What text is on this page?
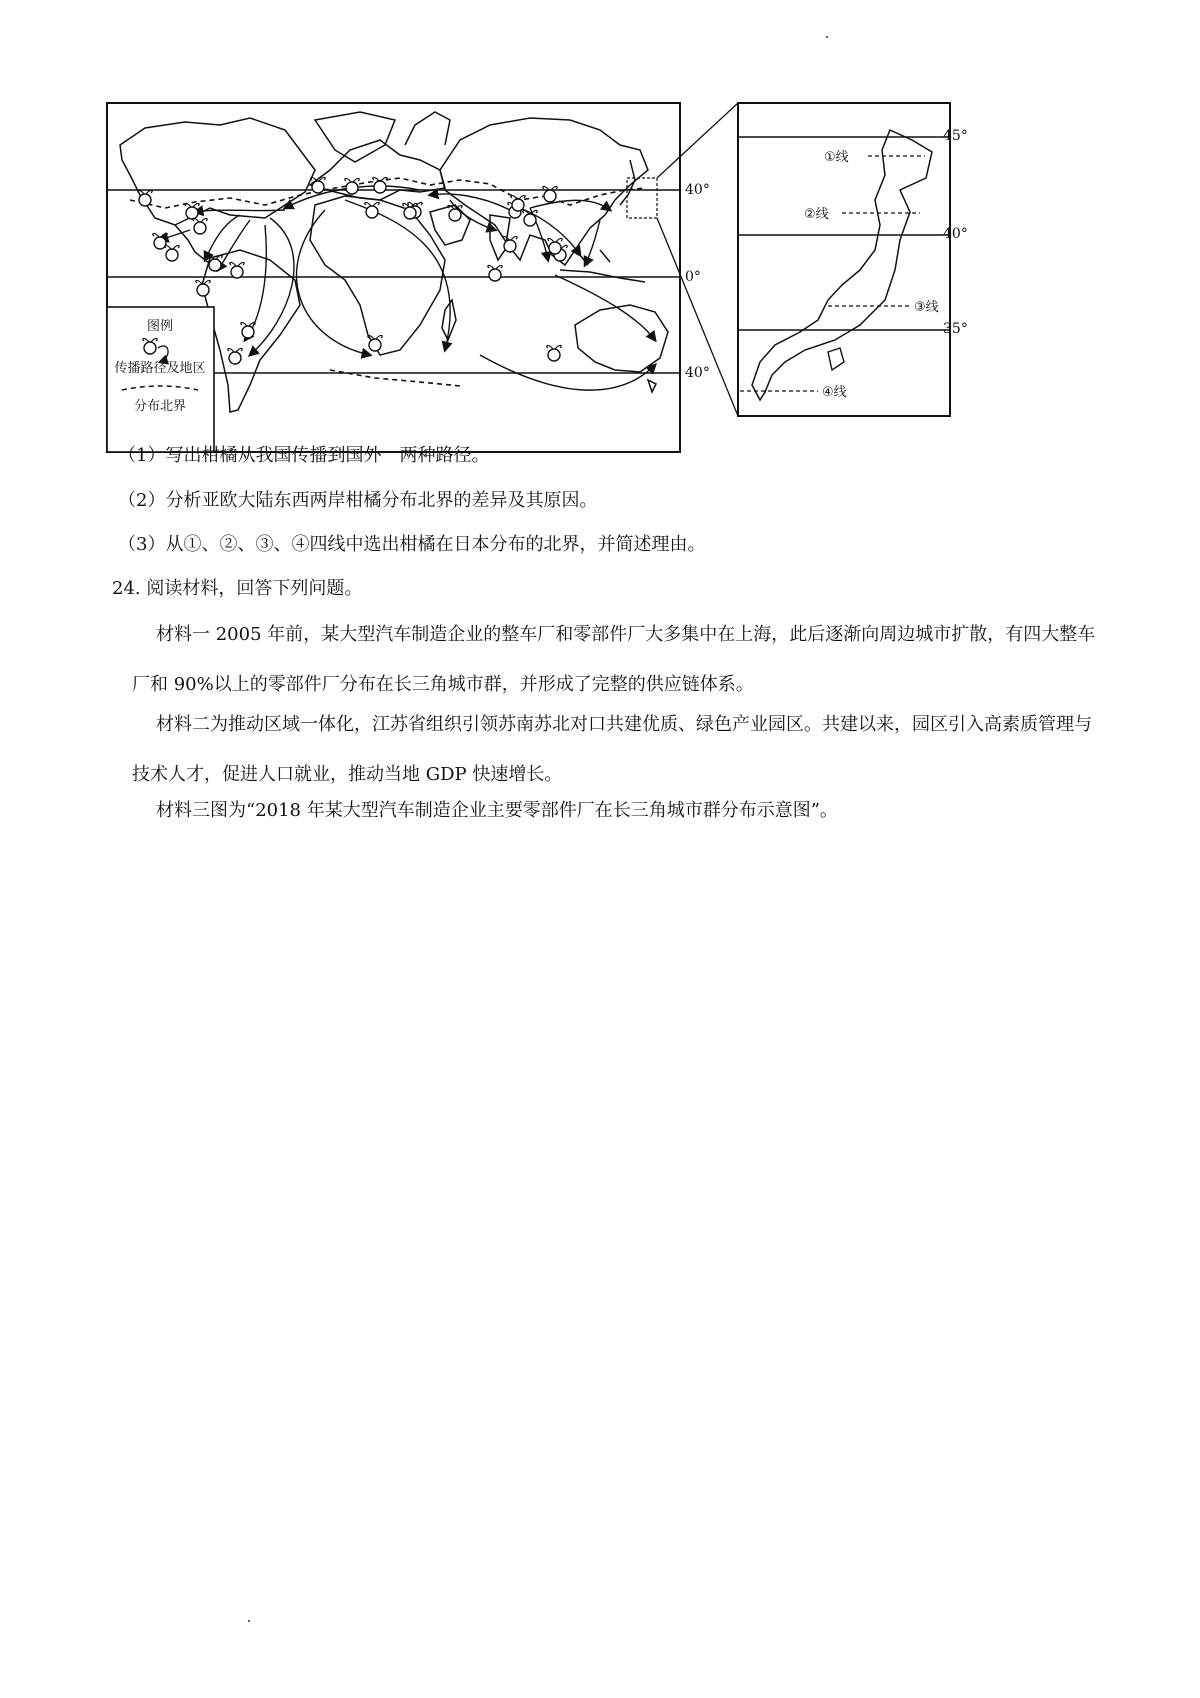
40°
0°
40°
图例
传播路径及地区
分布北界
①线
②线
③线
④线
45°
40°
35°
（1）写出柑橘从我国传播到国外　两种路径。
（2）分析亚欧大陆东西两岸柑橘分布北界的差异及其原因。
（3）从①、②、③、④四线中选出柑橘在日本分布的北界，并简述理由。
24. 阅读材料，回答下列问题。
材料一 2005 年前，某大型汽车制造企业的整车厂和零部件厂大多集中在上海，此后逐渐向周边城市扩散，有四大整车厂和 90%以上的零部件厂分布在长三角城市群，并形成了完整的供应链体系。
材料二为推动区域一体化，江苏省组织引领苏南苏北对口共建优质、绿色产业园区。共建以来，园区引入高素质管理与技术人才，促进人口就业，推动当地 GDP 快速增长。
材料三图为“2018 年某大型汽车制造企业主要零部件厂在长三角城市群分布示意图”。
